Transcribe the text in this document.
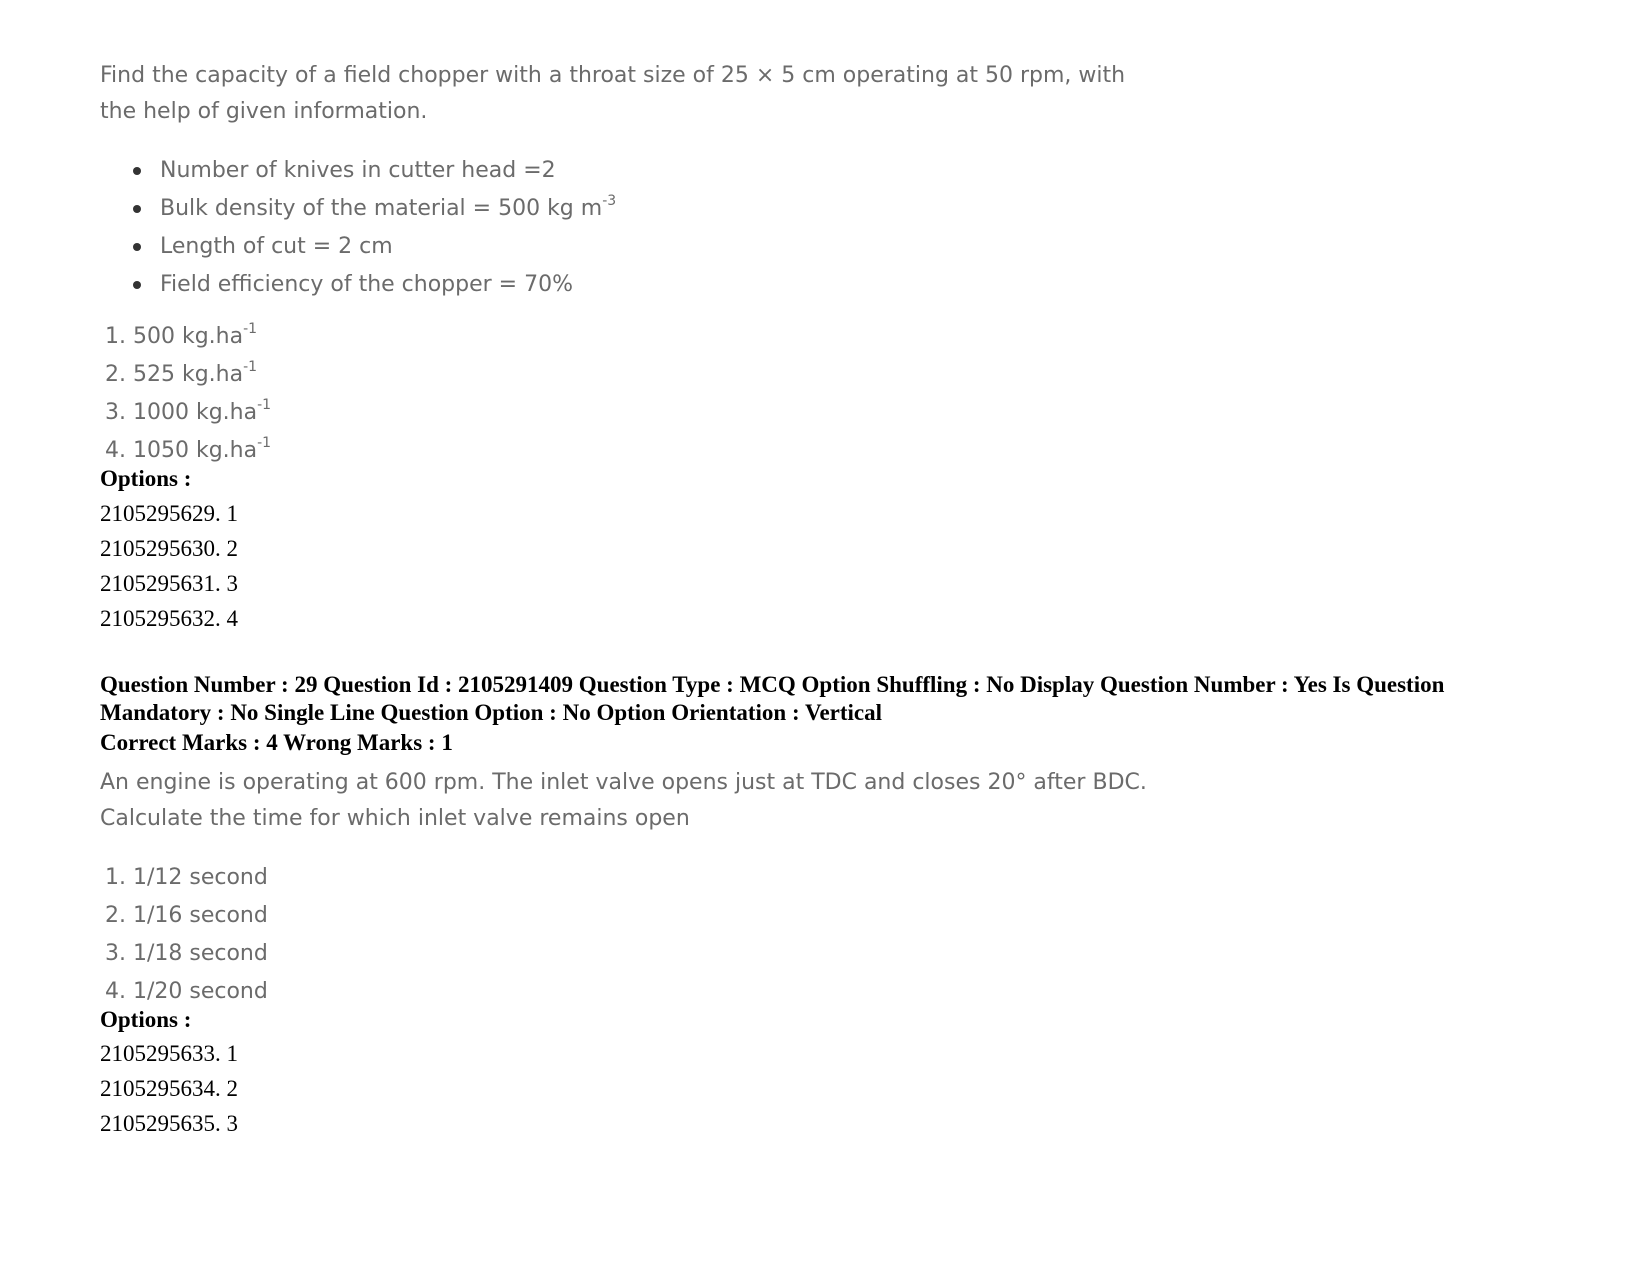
Find the capacity of a field chopper with a throat size of 25 × 5 cm operating at 50 rpm, with
the help of given information.
Number of knives in cutter head =2
Bulk density of the material = 500 kg $m^{-3}$
Length of cut = 2 cm
Field efficiency of the chopper = 70%
1. 500 $kg.ha^{-1}$
2. 525 $kg.ha^{-1}$
3. 1000 $kg.ha^{-1}$
4. 1050 $kg.ha^{-1}$
Options :
2105295629. 1
2105295630. 2
2105295631. 3
2105295632. 4
Question Number : 29 Question Id : 2105291409 Question Type : MCQ Option Shuffling : No Display Question Number : Yes Is Question Mandatory : No Single Line Question Option : No Option Orientation : Vertical
Correct Marks : 4 Wrong Marks : 1
An engine is operating at 600 rpm. The inlet valve opens just at TDC and closes 20° after BDC.
Calculate the time for which inlet valve remains open
1. 1/12 second
2. 1/16 second
3. 1/18 second
4. 1/20 second
Options :
2105295633. 1
2105295634. 2
2105295635. 3
